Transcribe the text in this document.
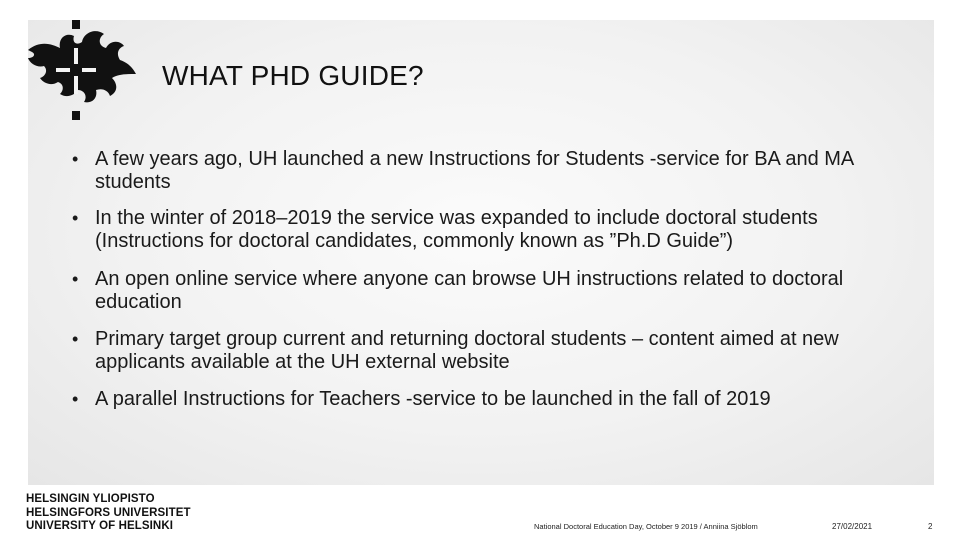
WHAT PHD GUIDE?
• A few years ago, UH launched a new Instructions for Students -service for BA and MA students
• In the winter of 2018–2019 the service was expanded to include doctoral students (Instructions for doctoral candidates, commonly known as ”Ph.D Guide”)
• An open online service where anyone can browse UH instructions related to doctoral education
• Primary target group current and returning doctoral students – content aimed at new applicants available at the UH external website
• A parallel Instructions for Teachers -service to be launched in the fall of 2019
HELSINGIN YLIOPISTO
HELSINGFORS UNIVERSITET
UNIVERSITY OF HELSINKI	National Doctoral Education Day, October 9 2019 / Anniina Sjöblom	27/02/2021	2
